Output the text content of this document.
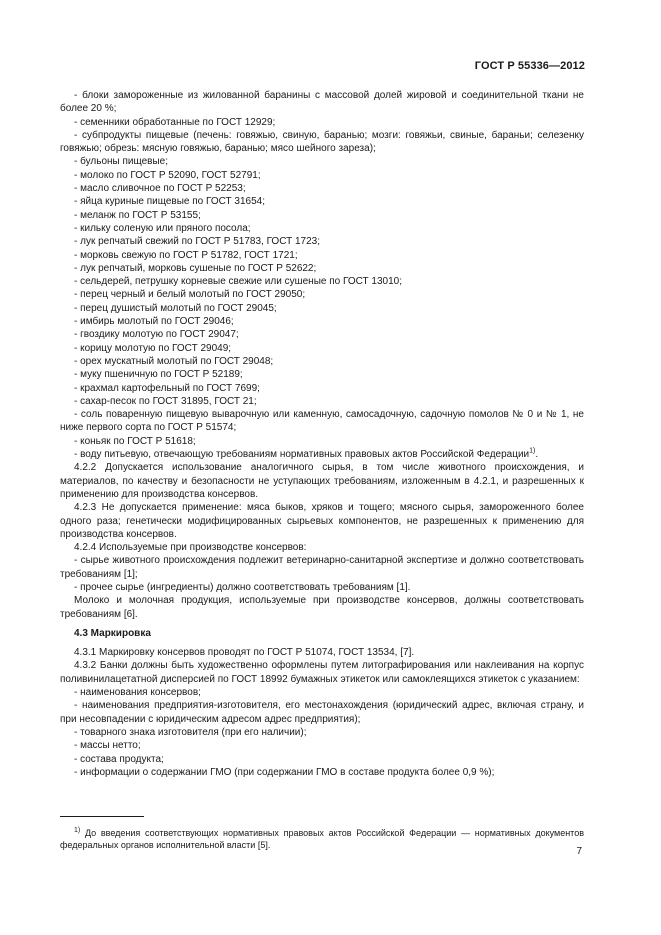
ГОСТ Р 55336—2012

- блоки замороженные из жилованной баранины с массовой долей жировой и соединительной ткани не более 20 %;

- семенники обработанные по ГОСТ 12929;

- субпродукты пищевые (печень: говяжью, свиную, баранью; мозги: говяжьи, свиные, бараньи; селезенку говяжью; обрезь: мясную говяжью, баранью; мясо шейного зареза);

- бульоны пищевые;

- молоко по ГОСТ Р 52090, ГОСТ 52791;

- масло сливочное по ГОСТ Р 52253;

- яйца куриные пищевые по ГОСТ 31654;

- меланж по ГОСТ Р 53155;

- кильку соленую или пряного посола;

- лук репчатый свежий по ГОСТ Р 51783, ГОСТ 1723;

- морковь свежую по ГОСТ Р 51782, ГОСТ 1721;

- лук репчатый, морковь сушеные по ГОСТ Р 52622;

- сельдерей, петрушку корневые свежие или сушеные по ГОСТ 13010;

- перец черный и белый молотый по ГОСТ 29050;

- перец душистый молотый по ГОСТ 29045;

- имбирь молотый по ГОСТ 29046;

- гвоздику молотую по ГОСТ 29047;

- корицу молотую по ГОСТ 29049;

- орех мускатный молотый по ГОСТ 29048;

- муку пшеничную по ГОСТ Р 52189;

- крахмал картофельный по ГОСТ 7699;

- сахар-песок по ГОСТ 31895, ГОСТ 21;

- соль поваренную пищевую выварочную или каменную, самосадочную, садочную помолов № 0 и № 1, не ниже первого сорта по ГОСТ Р 51574;

- коньяк по ГОСТ Р 51618;

- воду питьевую, отвечающую требованиям нормативных правовых актов Российской Федерации$^{1)}$.

4.2.2 Допускается использование аналогичного сырья, в том числе животного происхождения, и материалов, по качеству и безопасности не уступающих требованиям, изложенным в 4.2.1, и разрешенных к применению для производства консервов.

4.2.3 Не допускается применение: мяса быков, хряков и тощего; мясного сырья, замороженного более одного раза; генетически модифицированных сырьевых компонентов, не разрешенных к применению для производства консервов.

4.2.4 Используемые при производстве консервов:

- сырье животного происхождения подлежит ветеринарно-санитарной экспертизе и должно соответствовать требованиям [1];

- прочее сырье (ингредиенты) должно соответствовать требованиям [1].

Молоко и молочная продукция, используемые при производстве консервов, должны соответствовать требованиям [6].

4.3 Маркировка

4.3.1 Маркировку консервов проводят по ГОСТ Р 51074, ГОСТ 13534, [7].

4.3.2 Банки должны быть художественно оформлены путем литографирования или наклеивания на корпус поливинилацетатной дисперсией по ГОСТ 18992 бумажных этикеток или самоклеящихся этикеток с указанием:

- наименования консервов;

- наименования предприятия-изготовителя, его местонахождения (юридический адрес, включая страну, и при несовпадении с юридическим адресом адрес предприятия);

- товарного знака изготовителя (при его наличии);

- массы нетто;

- состава продукта;

- информации о содержании ГМО (при содержании ГМО в составе продукта более 0,9 %);

$^{1)}$ До введения соответствующих нормативных правовых актов Российской Федерации — нормативных документов федеральных органов исполнительной власти [5].

7
